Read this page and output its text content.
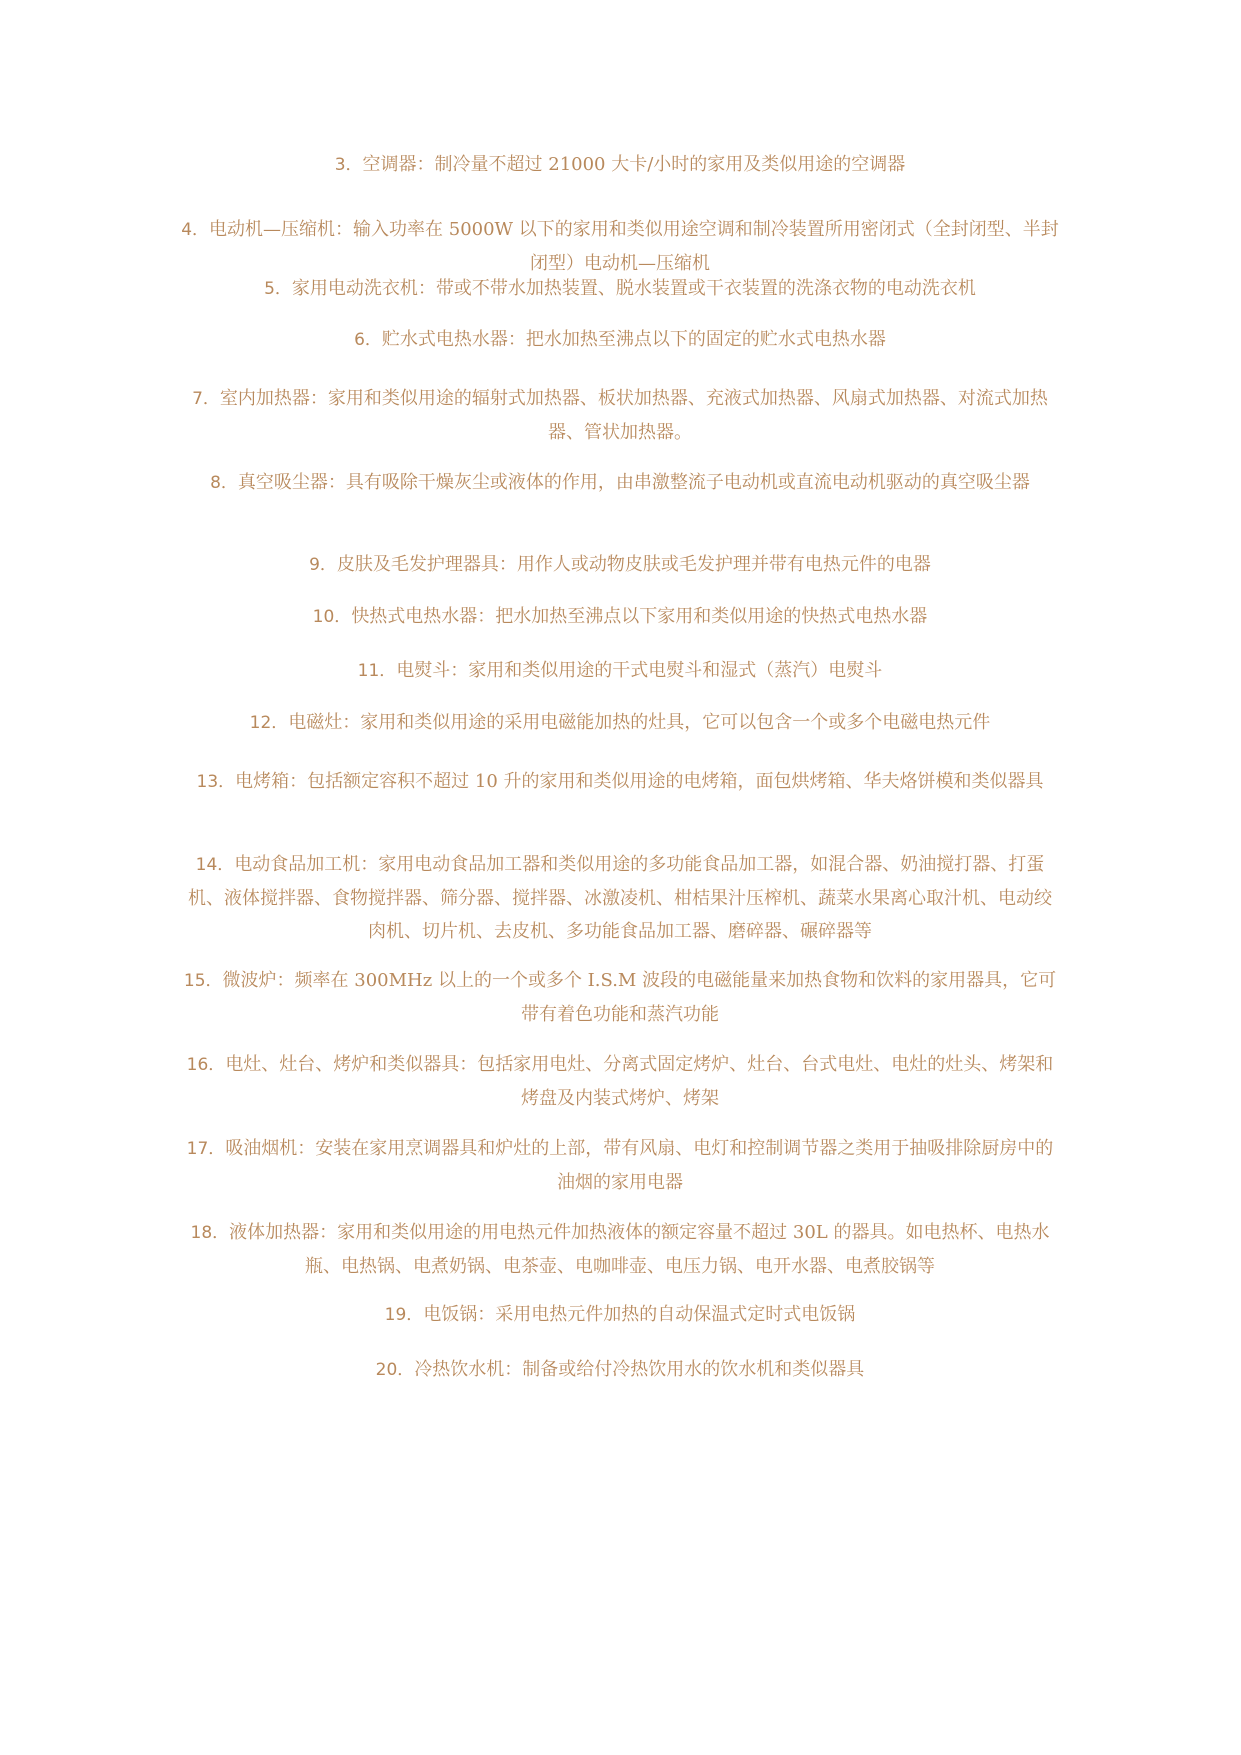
3．空调器：制冷量不超过 21000 大卡/小时的家用及类似用途的空调器
4．电动机—压缩机：输入功率在 5000W 以下的家用和类似用途空调和制冷装置所用密闭式（全封闭型、半封闭型）电动机—压缩机
5．家用电动洗衣机：带或不带水加热装置、脱水装置或干衣装置的洗涤衣物的电动洗衣机
6．贮水式电热水器：把水加热至沸点以下的固定的贮水式电热水器
7．室内加热器：家用和类似用途的辐射式加热器、板状加热器、充液式加热器、风扇式加热器、对流式加热器、管状加热器。
8．真空吸尘器：具有吸除干燥灰尘或液体的作用，由串激整流子电动机或直流电动机驱动的真空吸尘器
9．皮肤及毛发护理器具：用作人或动物皮肤或毛发护理并带有电热元件的电器
10．快热式电热水器：把水加热至沸点以下家用和类似用途的快热式电热水器
11．电熨斗：家用和类似用途的干式电熨斗和湿式（蒸汽）电熨斗
12．电磁灶：家用和类似用途的采用电磁能加热的灶具，它可以包含一个或多个电磁电热元件
13．电烤箱：包括额定容积不超过 10 升的家用和类似用途的电烤箱，面包烘烤箱、华夫烙饼模和类似器具
14．电动食品加工机：家用电动食品加工器和类似用途的多功能食品加工器，如混合器、奶油搅打器、打蛋机、液体搅拌器、食物搅拌器、筛分器、搅拌器、冰激凌机、柑桔果汁压榨机、蔬菜水果离心取汁机、电动绞肉机、切片机、去皮机、多功能食品加工器、磨碎器、碾碎器等
15．微波炉：频率在 300MHz 以上的一个或多个 I.S.M 波段的电磁能量来加热食物和饮料的家用器具，它可带有着色功能和蒸汽功能
16．电灶、灶台、烤炉和类似器具：包括家用电灶、分离式固定烤炉、灶台、台式电灶、电灶的灶头、烤架和烤盘及内装式烤炉、烤架
17．吸油烟机：安装在家用烹调器具和炉灶的上部，带有风扇、电灯和控制调节器之类用于抽吸排除厨房中的油烟的家用电器
18．液体加热器：家用和类似用途的用电热元件加热液体的额定容量不超过 30L 的器具。如电热杯、电热水瓶、电热锅、电煮奶锅、电茶壶、电咖啡壶、电压力锅、电开水器、电煮胶锅等
19．电饭锅：采用电热元件加热的自动保温式定时式电饭锅
20．冷热饮水机：制备或给付冷热饮用水的饮水机和类似器具
